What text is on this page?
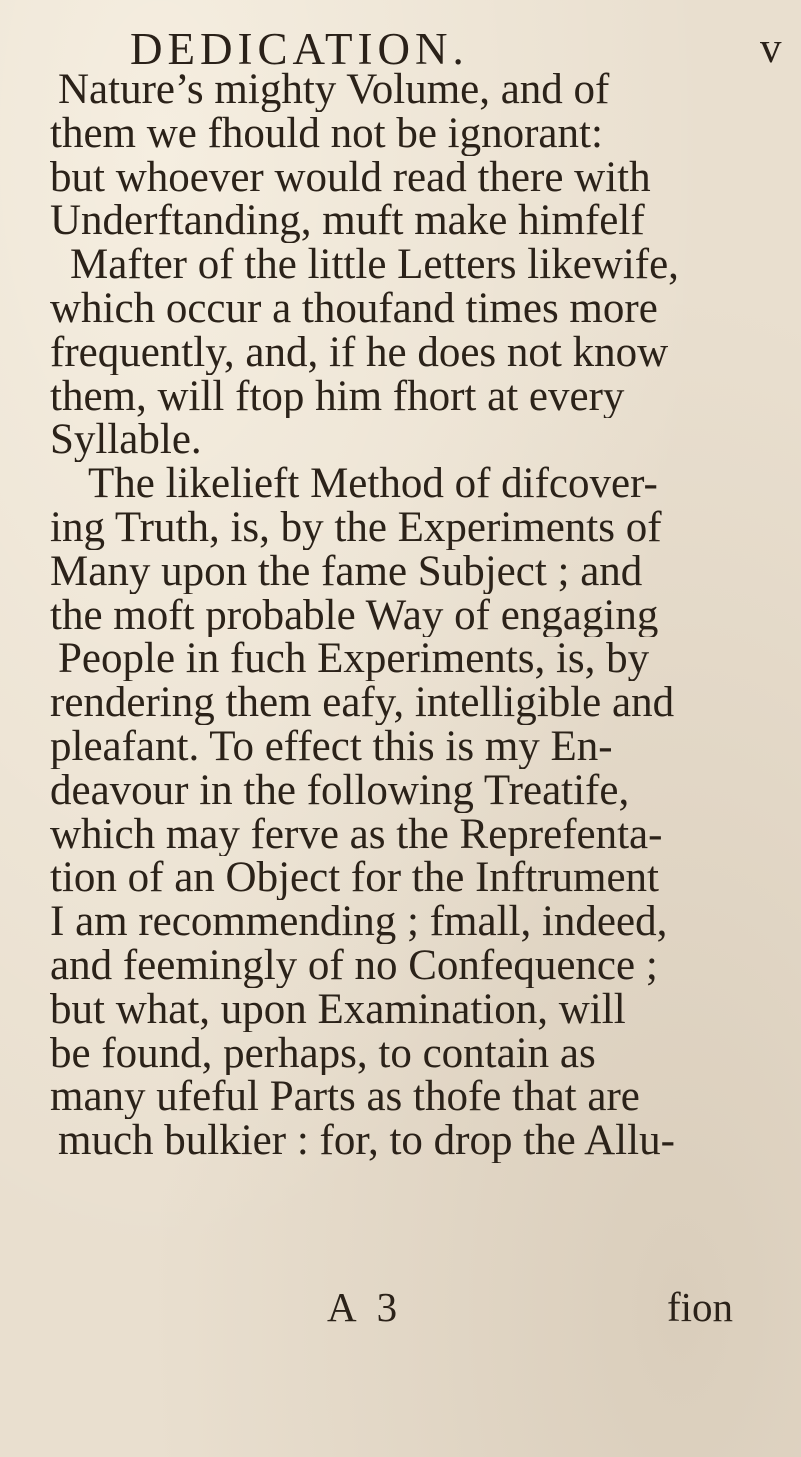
DEDICATION.	v
Nature’s mighty Volume, and of
them we fhould not be ignorant:
but whoever would read there with
Underftanding, muft make himfelf
Mafter of the little Letters likewife,
which occur a thoufand times more
frequently, and, if he does not know
them, will ftop him fhort at every
Syllable.
The likelieft Method of difcover-
ing Truth, is, by the Experiments of
Many upon the fame Subject ; and
the moft probable Way of engaging
People in fuch Experiments, is, by
rendering them eafy, intelligible and
pleafant. To effect this is my En-
deavour in the following Treatife,
which may ferve as the Reprefenta-
tion of an Object for the Inftrument
I am recommending ; fmall, indeed,
and feemingly of no Confequence ;
but what, upon Examination, will
be found, perhaps, to contain as
many ufeful Parts as thofe that are
much bulkier : for, to drop the Allu-
A 3	fion
